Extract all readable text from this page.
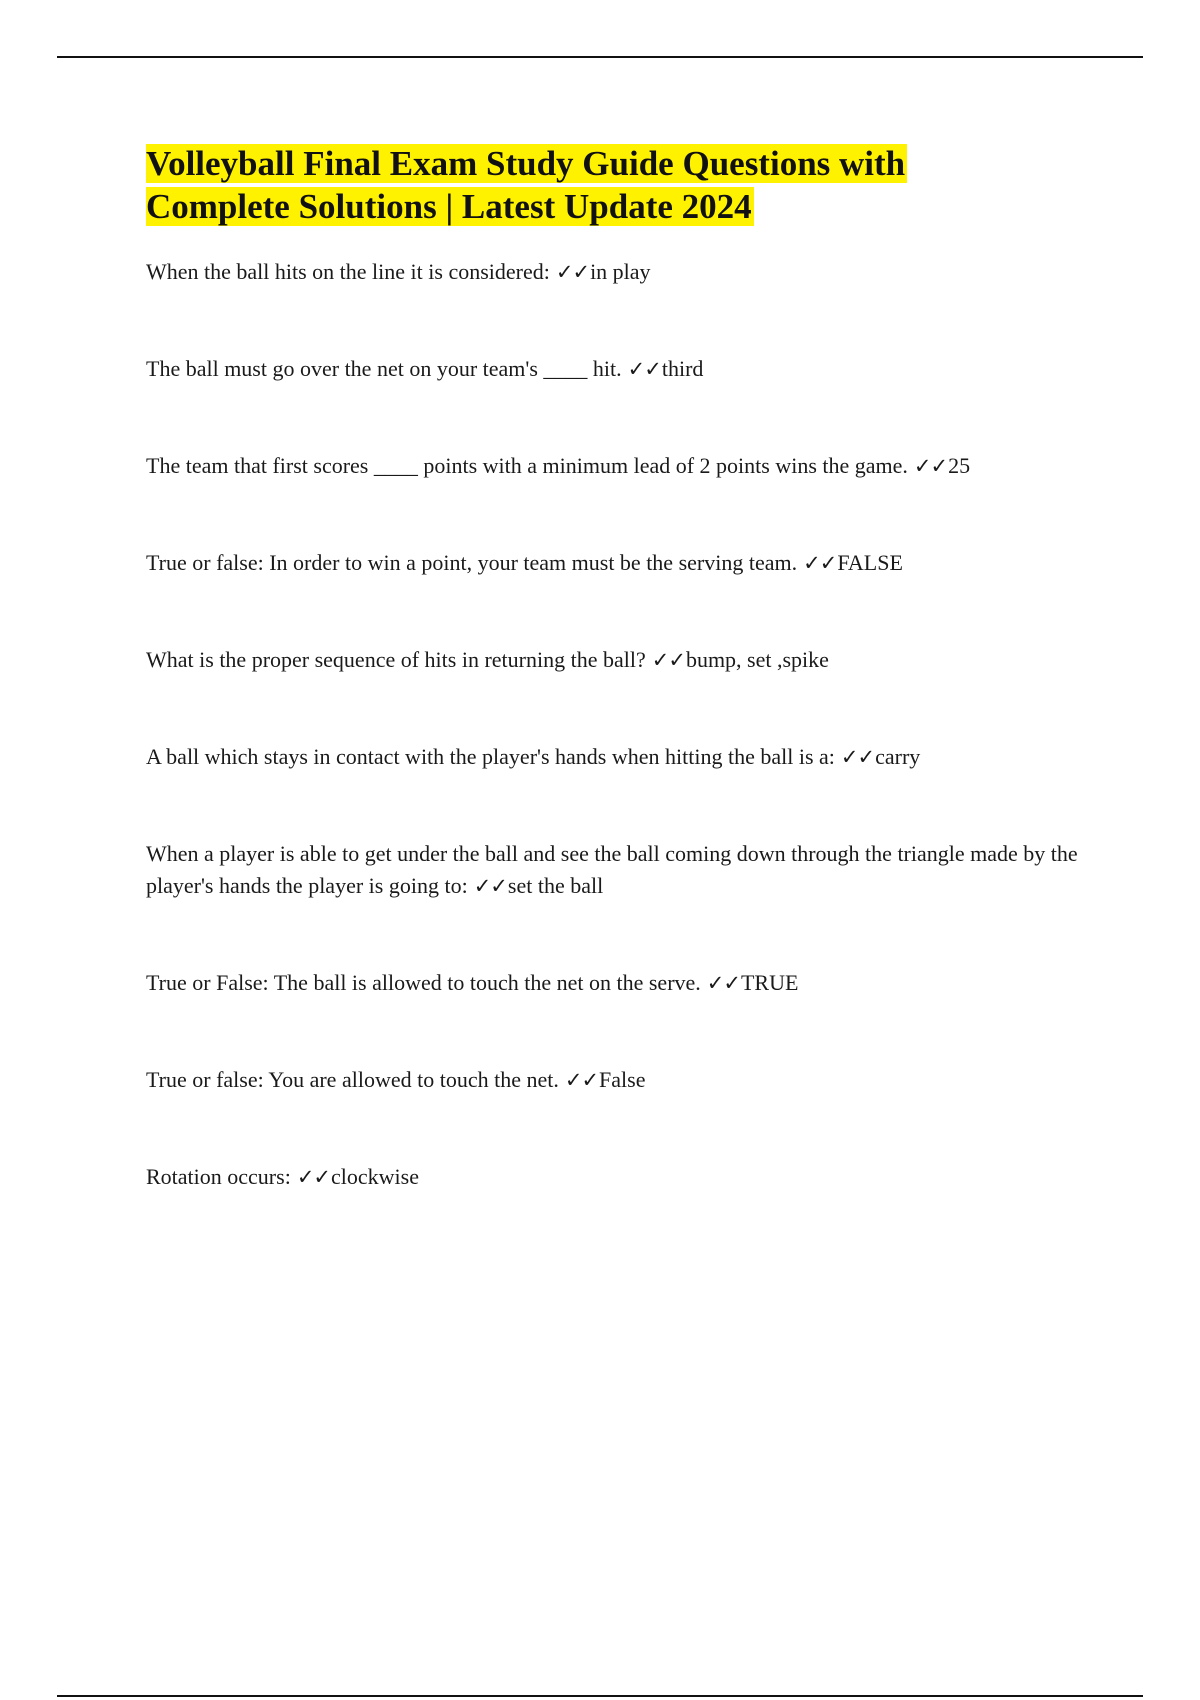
Volleyball Final Exam Study Guide Questions with
Complete Solutions | Latest Update 2024
When the ball hits on the line it is considered: ✓✓in play
The ball must go over the net on your team's ____ hit. ✓✓third
The team that first scores ____ points with a minimum lead of 2 points wins the game. ✓✓25
True or false: In order to win a point, your team must be the serving team. ✓✓FALSE
What is the proper sequence of hits in returning the ball? ✓✓bump, set ,spike
A ball which stays in contact with the player's hands when hitting the ball is a: ✓✓carry
When a player is able to get under the ball and see the ball coming down through the triangle made by the player's hands the player is going to: ✓✓set the ball
True or False: The ball is allowed to touch the net on the serve. ✓✓TRUE
True or false: You are allowed to touch the net. ✓✓False
Rotation occurs: ✓✓clockwise
